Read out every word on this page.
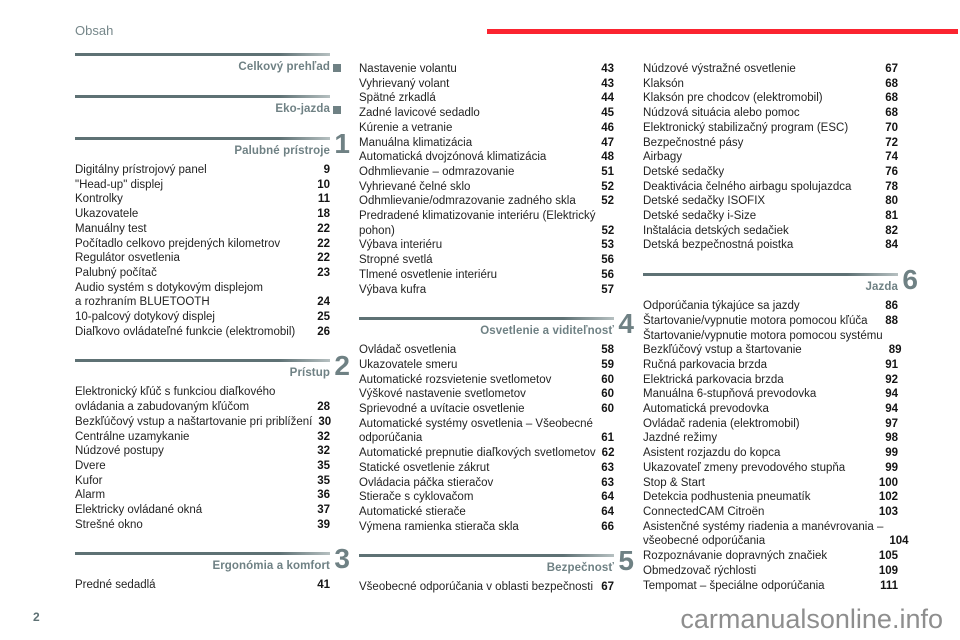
Obsah
Celkový prehľad
Eko-jazda
Palubné prístroje 1
Digitálny prístrojový panel	9
"Head-up" displej	10
Kontrolky	11
Ukazovatele	18
Manuálny test	22
Počítadlo celkovo prejdených kilometrov	22
Regulátor osvetlenia	22
Palubný počítač	23
Audio systém s dotykovým displejom
a rozhraním BLUETOOTH	24
10-palcový dotykový displej	25
Diaľkovo ovládateľné funkcie (elektromobil)	26
Prístup 2
Elektronický kľúč s funkciou diaľkového
ovládania a zabudovaným kľúčom	28
Bezkľúčový vstup a naštartovanie pri priblížení 30
Centrálne uzamykanie	32
Núdzové postupy	32
Dvere	35
Kufor	35
Alarm	36
Elektricky ovládané okná	37
Strešné okno	39
Ergonómia a komfort 3
Predné sedadlá	41
Nastavenie volantu	43
Vyhrievaný volant	43
Spätné zrkadlá	44
Zadné lavicové sedadlo	45
Kúrenie a vetranie	46
Manuálna klimatizácia	47
Automatická dvojzónová klimatizácia	48
Odhmlievanie – odmrazovanie	51
Vyhrievané čelné sklo	52
Odhmlievanie/odmrazovanie zadného skla	52
Predradené klimatizovanie interiéru (Elektrický
pohon)	52
Výbava interiéru	53
Stropné svetlá	56
Tlmené osvetlenie interiéru	56
Výbava kufra	57
Osvetlenie a viditeľnosť 4
Ovládač osvetlenia	58
Ukazovatele smeru	59
Automatické rozsvietenie svetlometov	60
Výškové nastavenie svetlometov	60
Sprievodné a uvítacie osvetlenie	60
Automatické systémy osvetlenia – Všeobecné
odporúčania	61
Automatické prepnutie diaľkových svetlometov 62
Statické osvetlenie zákrut	63
Ovládacia páčka stieračov	63
Stierače s cyklovačom	64
Automatické stierače	64
Výmena ramienka stierača skla	66
Bezpečnosť 5
Všeobecné odporúčania v oblasti bezpečnosti 67
Núdzové výstražné osvetlenie	67
Klaksón	68
Klaksón pre chodcov (elektromobil)	68
Núdzová situácia alebo pomoc	68
Elektronický stabilizačný program (ESC)	70
Bezpečnostné pásy	72
Airbagy	74
Detské sedačky	76
Deaktivácia čelného airbagu spolujazdca	78
Detské sedačky ISOFIX	80
Detské sedačky i-Size	81
Inštalácia detských sedačiek	82
Detská bezpečnostná poistka	84
Jazda 6
Odporúčania týkajúce sa jazdy	86
Štartovanie/vypnutie motora pomocou kľúča	88
Štartovanie/vypnutie motora pomocou systému
Bezkľúčový vstup a štartovanie	89
Ručná parkovacia brzda	91
Elektrická parkovacia brzda	92
Manuálna 6-stupňová prevodovka	94
Automatická prevodovka	94
Ovládač radenia (elektromobil)	97
Jazdné režimy	98
Asistent rozjazdu do kopca	99
Ukazovateľ zmeny prevodového stupňa	99
Stop & Start	100
Detekcia podhustenia pneumatík	102
ConnectedCAM Citroën	103
Asistenčné systémy riadenia a manévrovania –
všeobecné odporúčania	104
Rozpoznávanie dopravných značiek	105
Obmedzovač rýchlosti	109
Tempomat – špeciálne odporúčania	111
2	carmanualsonline.info
